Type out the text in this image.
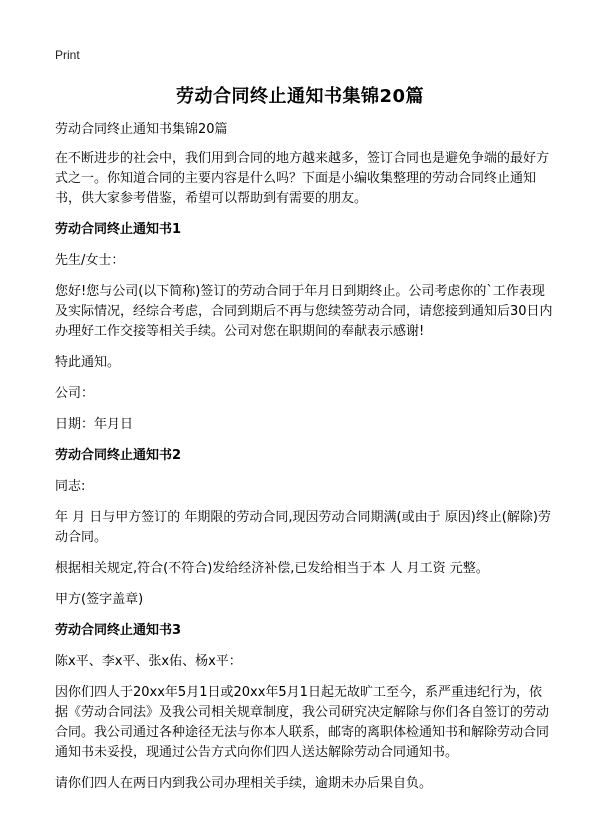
Print
劳动合同终止通知书集锦20篇

劳动合同终止通知书集锦20篇

在不断进步的社会中，我们用到合同的地方越来越多，签订合同也是避免争端的最好方式之一。你知道合同的主要内容是什么吗？下面是小编收集整理的劳动合同终止通知书，供大家参考借鉴，希望可以帮助到有需要的朋友。

劳动合同终止通知书1

先生/女士：

您好!您与公司(以下简称)签订的劳动合同于年月日到期终止。公司考虑你的`工作表现及实际情况，经综合考虑，合同到期后不再与您续签劳动合同，请您接到通知后30日内办理好工作交接等相关手续。公司对您在职期间的奉献表示感谢!

特此通知。

公司：

日期：年月日

劳动合同终止通知书2

同志:

年 月 日与甲方签订的 年期限的劳动合同,现因劳动合同期满(或由于 原因)终止(解除)劳动合同。

根据相关规定,符合(不符合)发给经济补偿,已发给相当于本 人 月工资 元整。

甲方(签字盖章)

劳动合同终止通知书3

陈x平、李x平、张x佑、杨x平：

因你们四人于20xx年5月1日或20xx年5月1日起无故旷工至今，系严重违纪行为，依据《劳动合同法》及我公司相关规章制度，我公司研究决定解除与你们各自签订的劳动合同。我公司通过各种途径无法与你本人联系，邮寄的离职体检通知书和解除劳动合同通知书未妥投，现通过公告方式向你们四人送达解除劳动合同通知书。

请你们四人在两日内到我公司办理相关手续，逾期未办后果自负。
